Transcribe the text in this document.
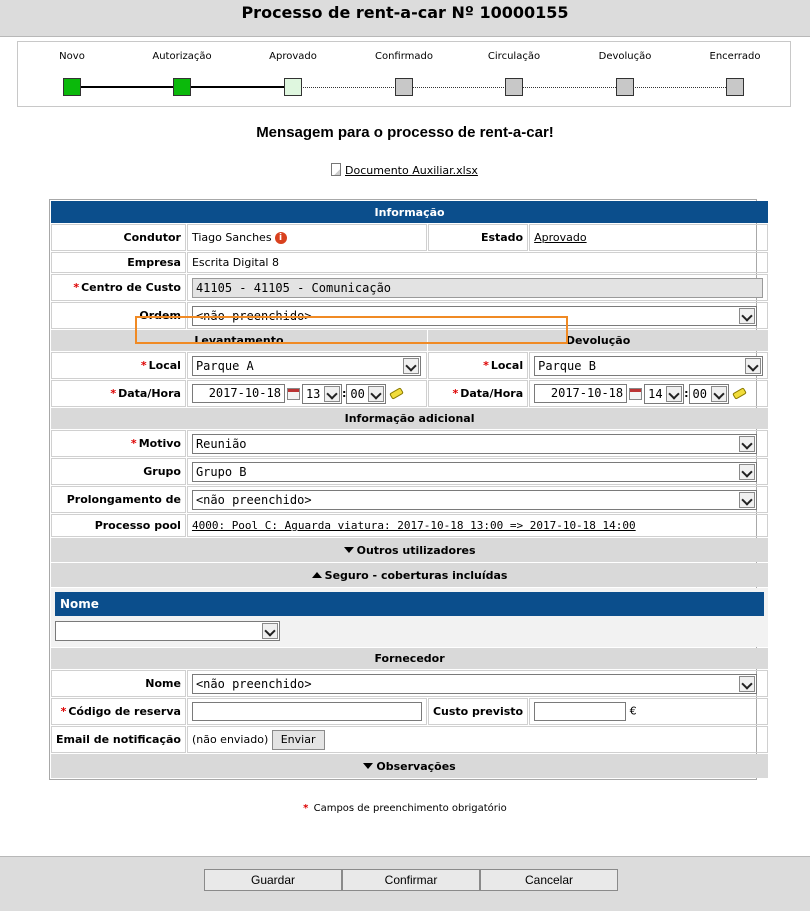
Processo de rent-a-car Nº 10000155
Novo	Autorização	Aprovado	Confirmado	Circulação	Devolução	Encerrado
Mensagem para o processo de rent-a-car!
Documento Auxiliar.xlsx
Informação			
Condutor	Tiago Sanches i	Estado	Aprovado
Empresa	Escrita Digital 8		
* Centro de Custo	41105 - 41105 - Comunicação		

Ordem	<não preenchido>		

Levantamento		Devolução	
* Local	Parque A	* Local	Parque B

* Data/Hora	2017-10-18 13 : 00	* Data/Hora	2017-10-18 14 : 00

Informação adicional			
* Motivo	Reunião		

Grupo	Grupo B		

Prolongamento de	<não preenchido>		

Processo pool	4000: Pool C: Aguarda viatura: 2017-10-18 13:00 => 2017-10-18 14:00		
Outros utilizadores			
Seguro - coberturas incluídas			

Nome			

Fornecedor			
Nome	<não preenchido>		

* Código de reserva		Custo previsto	€
Email de notificação	(não enviado) Enviar		
Observações			
* Campos de preenchimento obrigatório
Guardar	Confirmar	Cancelar
